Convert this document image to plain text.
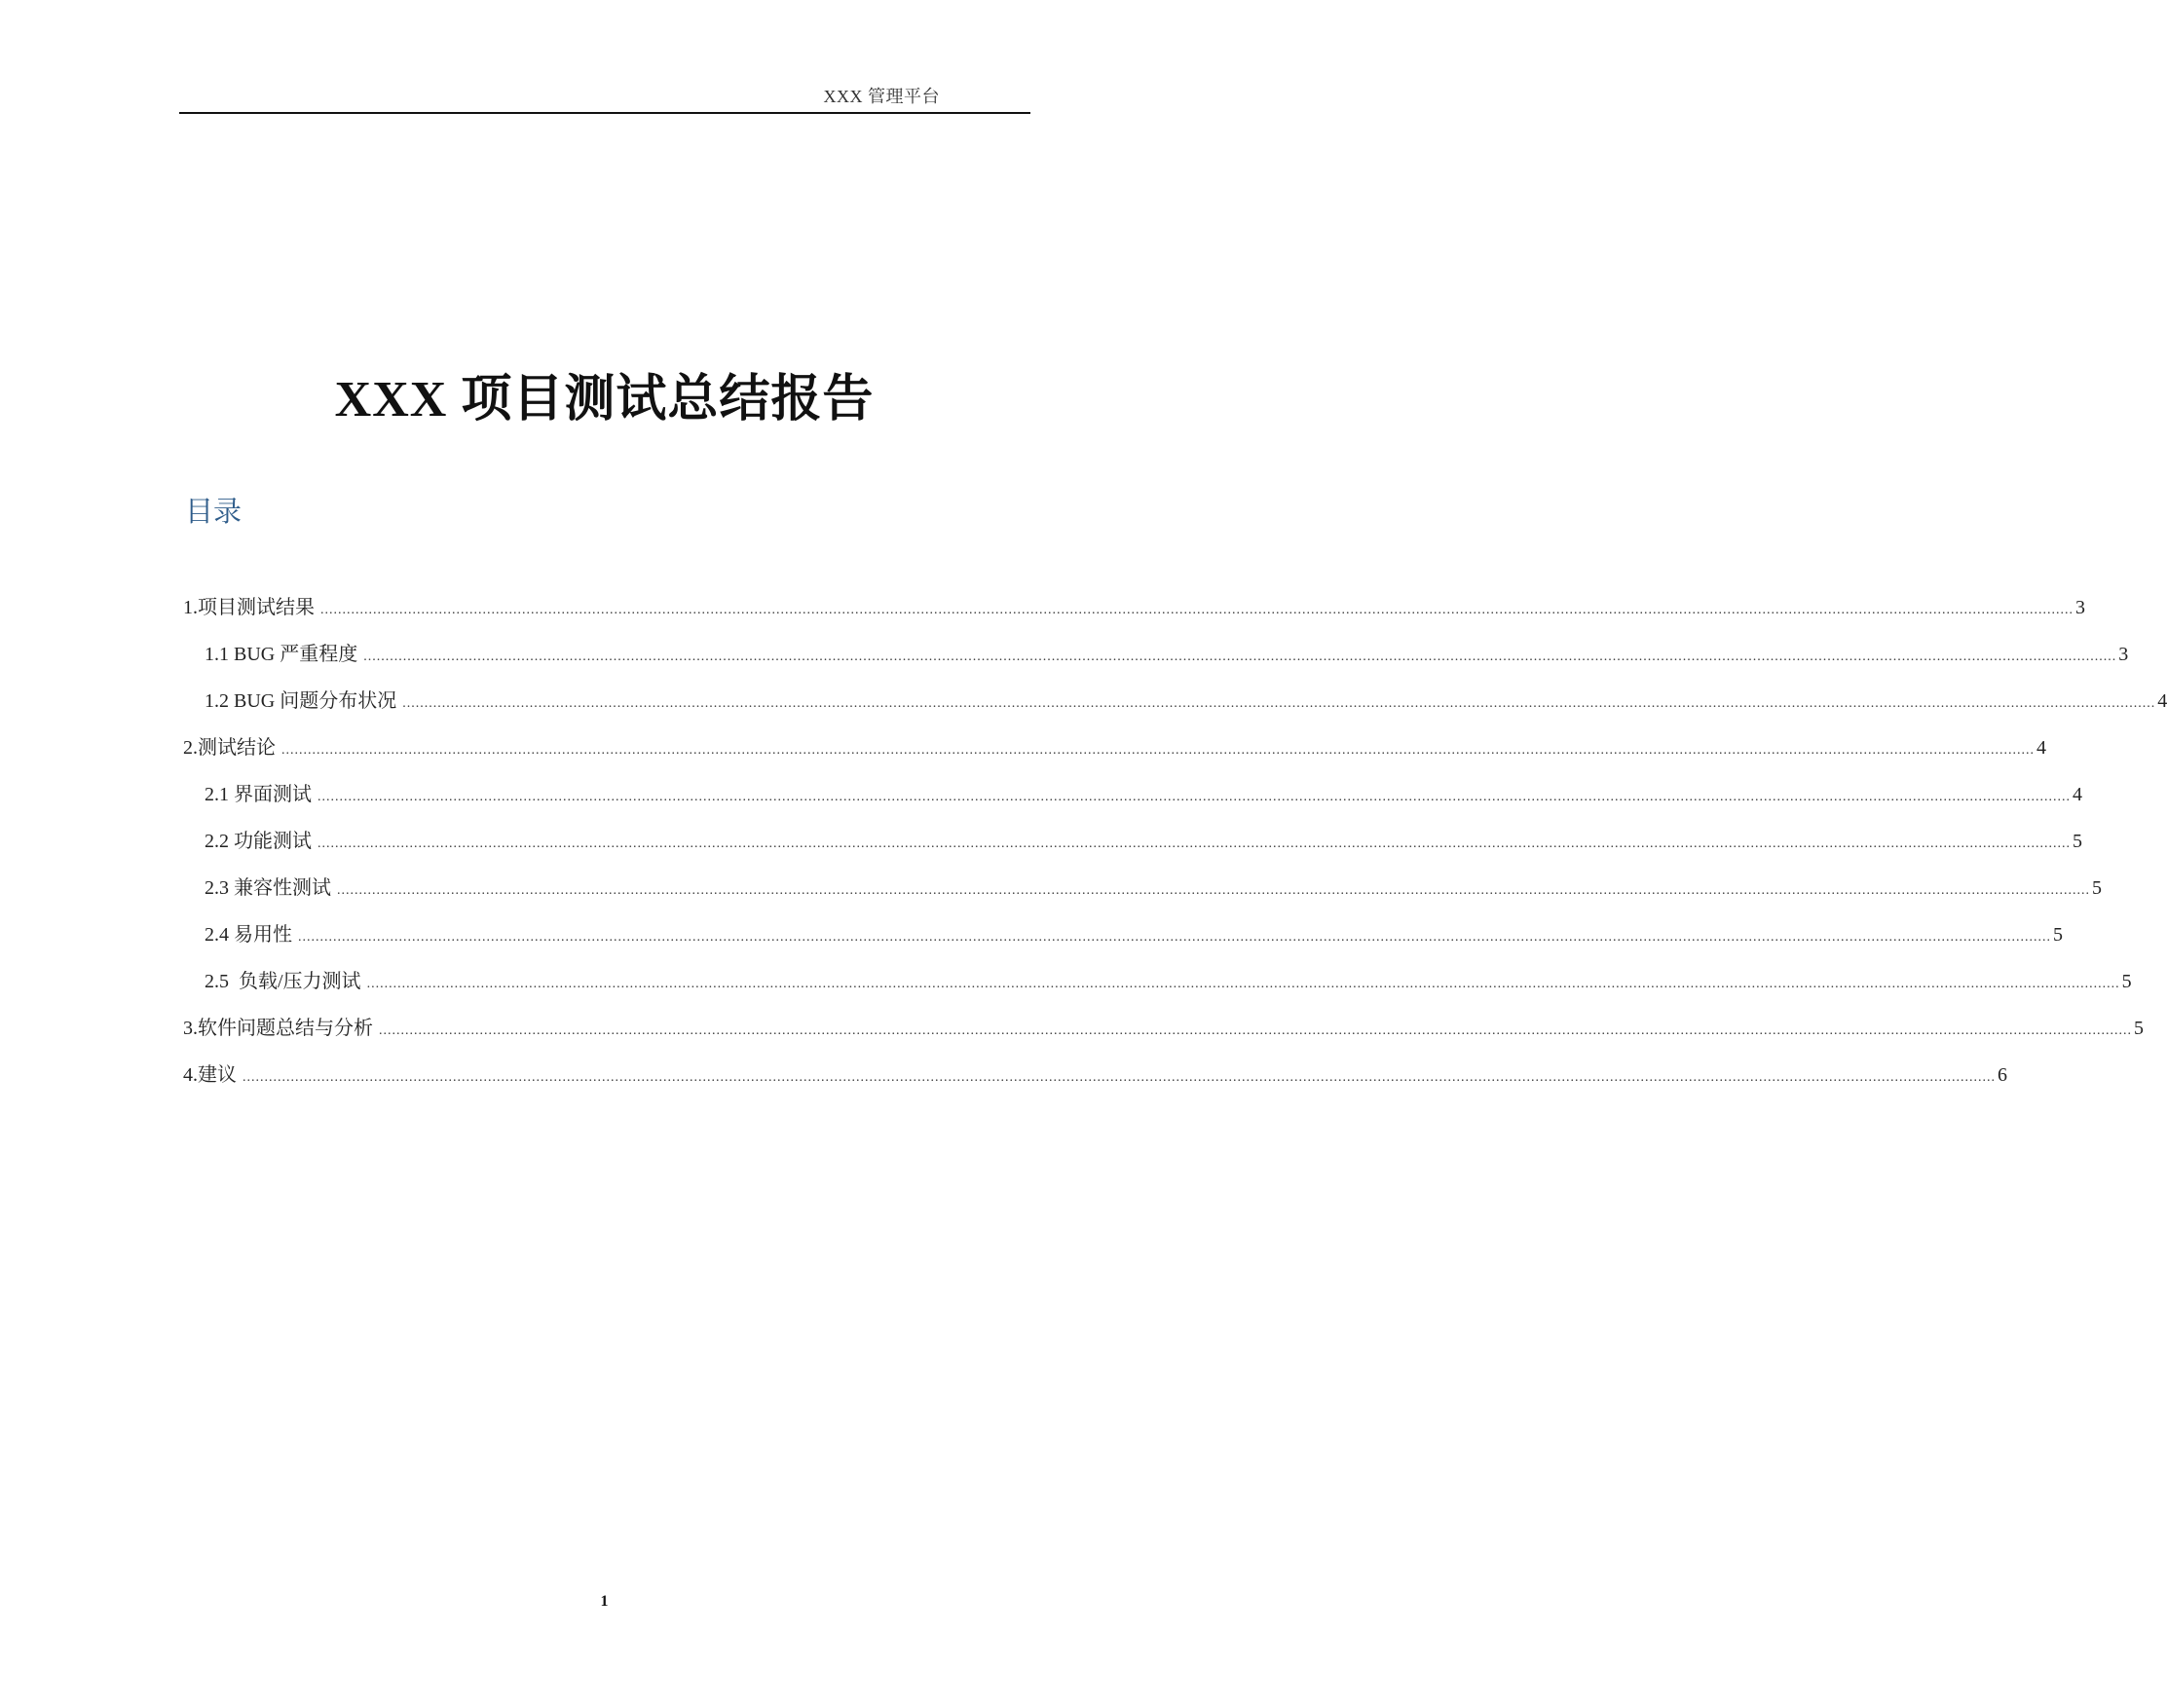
XXX 管理平台
XXX 项目测试总结报告
目录
1.项目测试结果 ................................................................................................................................................................................................................................................................................................................................................................................................................ 3
1.1 BUG 严重程度 ................................................................................................................................................................................................................................................................................................................................................................................................................ 3
1.2 BUG 问题分布状况 ................................................................................................................................................................................................................................................................................................................................................................................................................ 4
2.测试结论 ................................................................................................................................................................................................................................................................................................................................................................................................................ 4
2.1 界面测试 ................................................................................................................................................................................................................................................................................................................................................................................................................ 4
2.2 功能测试 ................................................................................................................................................................................................................................................................................................................................................................................................................ 5
2.3 兼容性测试 ................................................................................................................................................................................................................................................................................................................................................................................................................ 5
2.4 易用性 ................................................................................................................................................................................................................................................................................................................................................................................................................ 5
2.5  负载/压力测试 ................................................................................................................................................................................................................................................................................................................................................................................................................ 5
3.软件问题总结与分析 ................................................................................................................................................................................................................................................................................................................................................................................................................ 5
4.建议 ................................................................................................................................................................................................................................................................................................................................................................................................................ 6
1
